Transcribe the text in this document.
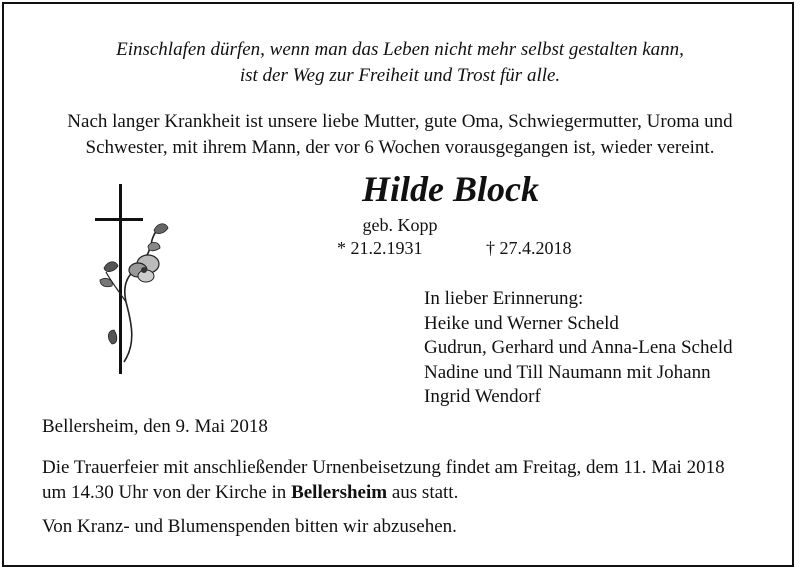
Einschlafen dürfen, wenn man das Leben nicht mehr selbst gestalten kann,
ist der Weg zur Freiheit und Trost für alle.
Nach langer Krankheit ist unsere liebe Mutter, gute Oma, Schwiegermutter, Uroma und
Schwester, mit ihrem Mann, der vor 6 Wochen vorausgegangen ist, wieder vereint.
Hilde Block
geb. Kopp
* 21.2.1931	† 27.4.2018
In lieber Erinnerung:
Heike und Werner Scheld
Gudrun, Gerhard und Anna-Lena Scheld
Nadine und Till Naumann mit Johann
Ingrid Wendorf
Bellersheim, den 9. Mai 2018
Die Trauerfeier mit anschließender Urnenbeisetzung findet am Freitag, dem 11. Mai 2018
um 14.30 Uhr von der Kirche in Bellersheim aus statt.
Von Kranz- und Blumenspenden bitten wir abzusehen.
